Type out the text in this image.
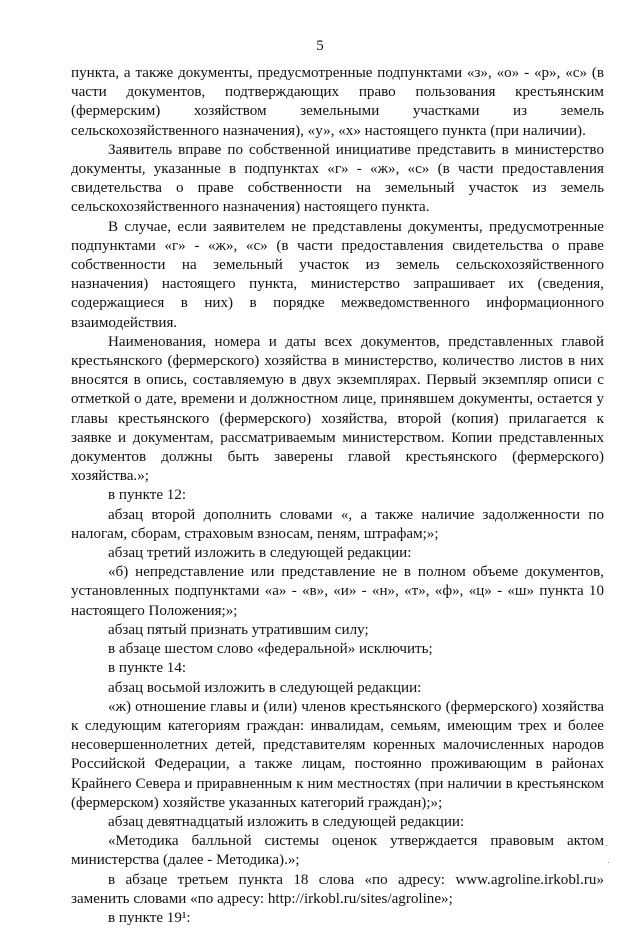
5

пункта, а также документы, предусмотренные подпунктами «з», «о» - «р», «с» (в части документов, подтверждающих право пользования крестьянским (фермерским) хозяйством земельными участками из земель сельскохозяйственного назначения), «у», «х» настоящего пункта (при наличии).

Заявитель вправе по собственной инициативе представить в министерство документы, указанные в подпунктах «г» - «ж», «с» (в части предоставления свидетельства о праве собственности на земельный участок из земель сельскохозяйственного назначения) настоящего пункта.

В случае, если заявителем не представлены документы, предусмотренные подпунктами «г» - «ж», «с» (в части предоставления свидетельства о праве собственности на земельный участок из земель сельскохозяйственного назначения) настоящего пункта, министерство запрашивает их (сведения, содержащиеся в них) в порядке межведомственного информационного взаимодействия.

Наименования, номера и даты всех документов, представленных главой крестьянского (фермерского) хозяйства в министерство, количество листов в них вносятся в опись, составляемую в двух экземплярах. Первый экземпляр описи с отметкой о дате, времени и должностном лице, принявшем документы, остается у главы крестьянского (фермерского) хозяйства, второй (копия) прилагается к заявке и документам, рассматриваемым министерством. Копии представленных документов должны быть заверены главой крестьянского (фермерского) хозяйства.»;

в пункте 12:

абзац второй дополнить словами «, а также наличие задолженности по налогам, сборам, страховым взносам, пеням, штрафам;»;

абзац третий изложить в следующей редакции:

«б) непредставление или представление не в полном объеме документов, установленных подпунктами «а» - «в», «и» - «н», «т», «ф», «ц» - «ш» пункта 10 настоящего Положения;»;

абзац пятый признать утратившим силу;

в абзаце шестом слово «федеральной» исключить;

в пункте 14:

абзац восьмой изложить в следующей редакции:

«ж) отношение главы и (или) членов крестьянского (фермерского) хозяйства к следующим категориям граждан: инвалидам, семьям, имеющим трех и более несовершеннолетних детей, представителям коренных малочисленных народов Российской Федерации, а также лицам, постоянно проживающим в районах Крайнего Севера и приравненным к ним местностях (при наличии в крестьянском (фермерском) хозяйстве указанных категорий граждан);»;

абзац девятнадцатый изложить в следующей редакции:

«Методика балльной системы оценок утверждается правовым актом министерства (далее - Методика).»;

в абзаце третьем пункта 18 слова «по адресу: www.agroline.irkobl.ru» заменить словами «по адресу: http://irkobl.ru/sites/agroline»;

в пункте 19¹:
